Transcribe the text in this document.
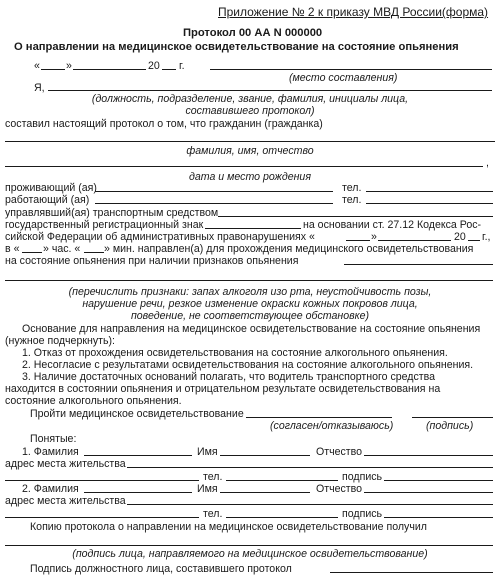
Приложение № 2 к приказу МВД России(форма)
Протокол 00 АА N 000000
О направлении на медицинское освидетельствование на состояние опьянения
« »	20 г.
(место составления)
Я,
(должность, подразделение, звание, фамилия, инициалы лица,
составившего протокол)
составил настоящий протокол о том, что гражданин (гражданка)
фамилия, имя, отчество
,
дата и место рождения
проживающий (ая)	тел.
работающий (ая)	тел.
управлявший(ая) транспортным средством
государственный регистрационный знак	на основании ст. 27.12 Кодекса Рос-
сийской Федерации об административных правонарушениях «	»	20 г.,
в « » час. « » мин. направлен(а) для прохождения медицинского освидетельствования
на состояние опьянения при наличии признаков опьянения
(перечислить признаки: запах алкоголя изо рта, неустойчивость позы,
нарушение речи, резкое изменение окраски кожных покровов лица,
поведение, не соответствующее обстановке)
Основание для направления на медицинское освидетельствование на состояние опьянения
(нужное подчеркнуть):
1. Отказ от прохождения освидетельствования на состояние алкогольного опьянения.
2. Несогласие с результатами освидетельствования на состояние алкогольного опьянения.
3. Наличие достаточных оснований полагать, что водитель транспортного средства
находится в состоянии опьянения и отрицательном результате освидетельствования на
состояние алкогольного опьянения.
Пройти медицинское освидетельствование
(согласен/отказываюсь)	(подпись)
Понятые:
1. Фамилия	Имя	Отчество
адрес места жительства
тел.	подпись
2. Фамилия	Имя	Отчество
адрес места жительства
тел.	подпись
Копию протокола о направлении на медицинское освидетельствование получил
(подпись лица, направляемого на медицинское освидетельствование)
Подпись должностного лица, составившего протокол
